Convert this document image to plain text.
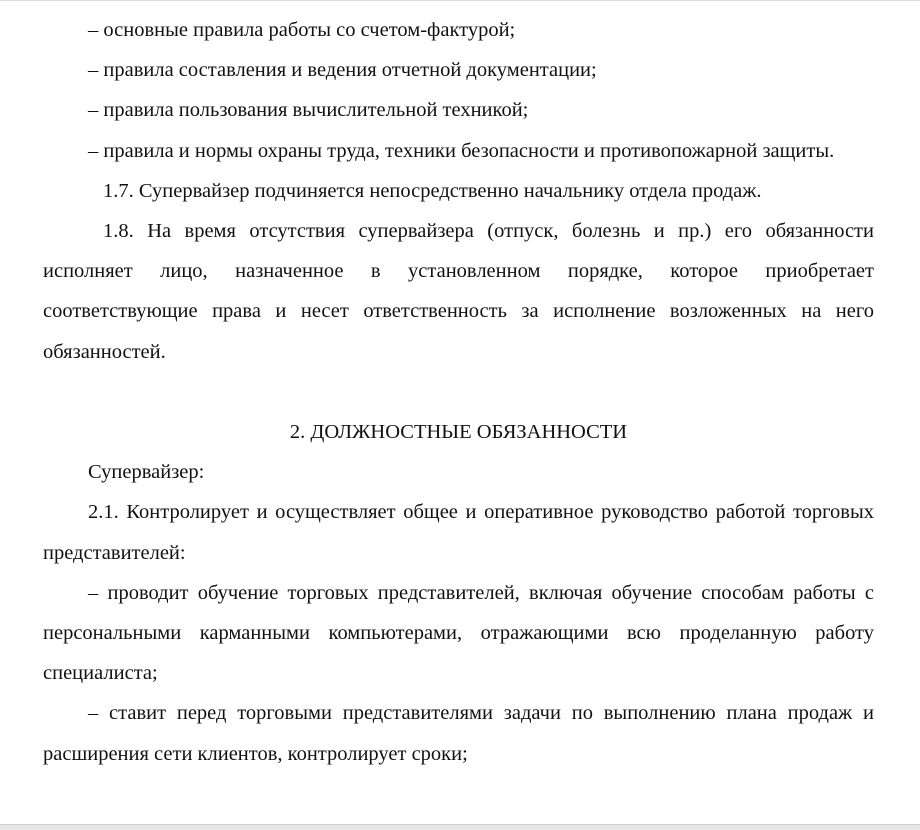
– основные правила работы со счетом-фактурой;

– правила составления и ведения отчетной документации;

– правила пользования вычислительной техникой;

– правила и нормы охраны труда, техники безопасности и противопожарной защиты.

1.7. Супервайзер подчиняется непосредственно начальнику отдела продаж.

1.8. На время отсутствия супервайзера (отпуск, болезнь и пр.) его обязанности исполняет лицо, назначенное в установленном порядке, которое приобретает соответствующие права и несет ответственность за исполнение возложенных на него обязанностей.

2. ДОЛЖНОСТНЫЕ ОБЯЗАННОСТИ

Супервайзер:

2.1. Контролирует и осуществляет общее и оперативное руководство работой торговых представителей:

– проводит обучение торговых представителей, включая обучение способам работы с персональными карманными компьютерами, отражающими всю проделанную работу специалиста;

– ставит перед торговыми представителями задачи по выполнению плана продаж и расширения сети клиентов, контролирует сроки;
